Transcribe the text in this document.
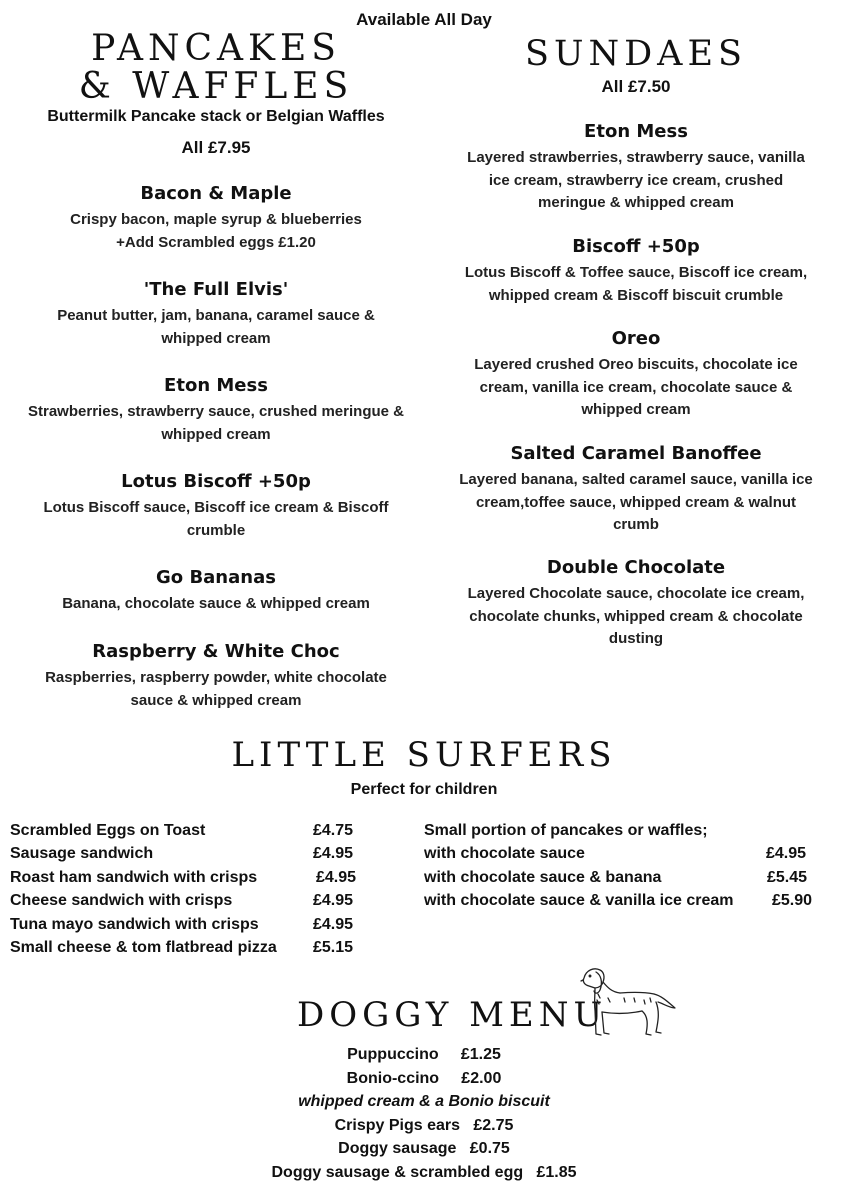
Available All Day
PANCAKES
& WAFFLES
Buttermilk Pancake stack or Belgian Waffles
All £7.95
Bacon & Maple
Crispy bacon, maple syrup & blueberries
+Add Scrambled eggs £1.20
'The Full Elvis'
Peanut butter, jam, banana, caramel sauce &
whipped cream
Eton Mess
Strawberries, strawberry sauce, crushed meringue &
whipped cream
Lotus Biscoff +50p
Lotus Biscoff sauce, Biscoff ice cream & Biscoff
crumble
Go Bananas
Banana, chocolate sauce & whipped cream
Raspberry & White Choc
Raspberries, raspberry powder, white chocolate
sauce & whipped cream
SUNDAES
All £7.50
Eton Mess
Layered strawberries, strawberry sauce, vanilla
ice cream, strawberry ice cream, crushed
meringue & whipped cream
Biscoff +50p
Lotus Biscoff & Toffee sauce, Biscoff ice cream,
whipped cream & Biscoff biscuit crumble
Oreo
Layered crushed Oreo biscuits, chocolate ice
cream, vanilla ice cream, chocolate sauce &
whipped cream
Salted Caramel Banoffee
Layered banana, salted caramel sauce, vanilla ice
cream,toffee sauce, whipped cream & walnut
crumb
Double Chocolate
Layered Chocolate sauce, chocolate ice cream,
chocolate chunks, whipped cream & chocolate
dusting
LITTLE SURFERS
Perfect for children
Scrambled Eggs on Toast	£4.75
Sausage sandwich	£4.95
Roast ham sandwich with crisps	£4.95
Cheese sandwich with crisps	£4.95
Tuna mayo sandwich with crisps	£4.95
Small cheese & tom flatbread pizza £5.15
Small portion of pancakes or waffles;
with chocolate sauce	£4.95
with chocolate sauce & banana	£5.45
with chocolate sauce & vanilla ice cream £5.90
DOGGY MENU
Puppuccino     £1.25
Bonio-ccino     £2.00
whipped cream & a Bonio biscuit
Crispy Pigs ears   £2.75
Doggy sausage   £0.75
Doggy sausage & scrambled egg   £1.85
